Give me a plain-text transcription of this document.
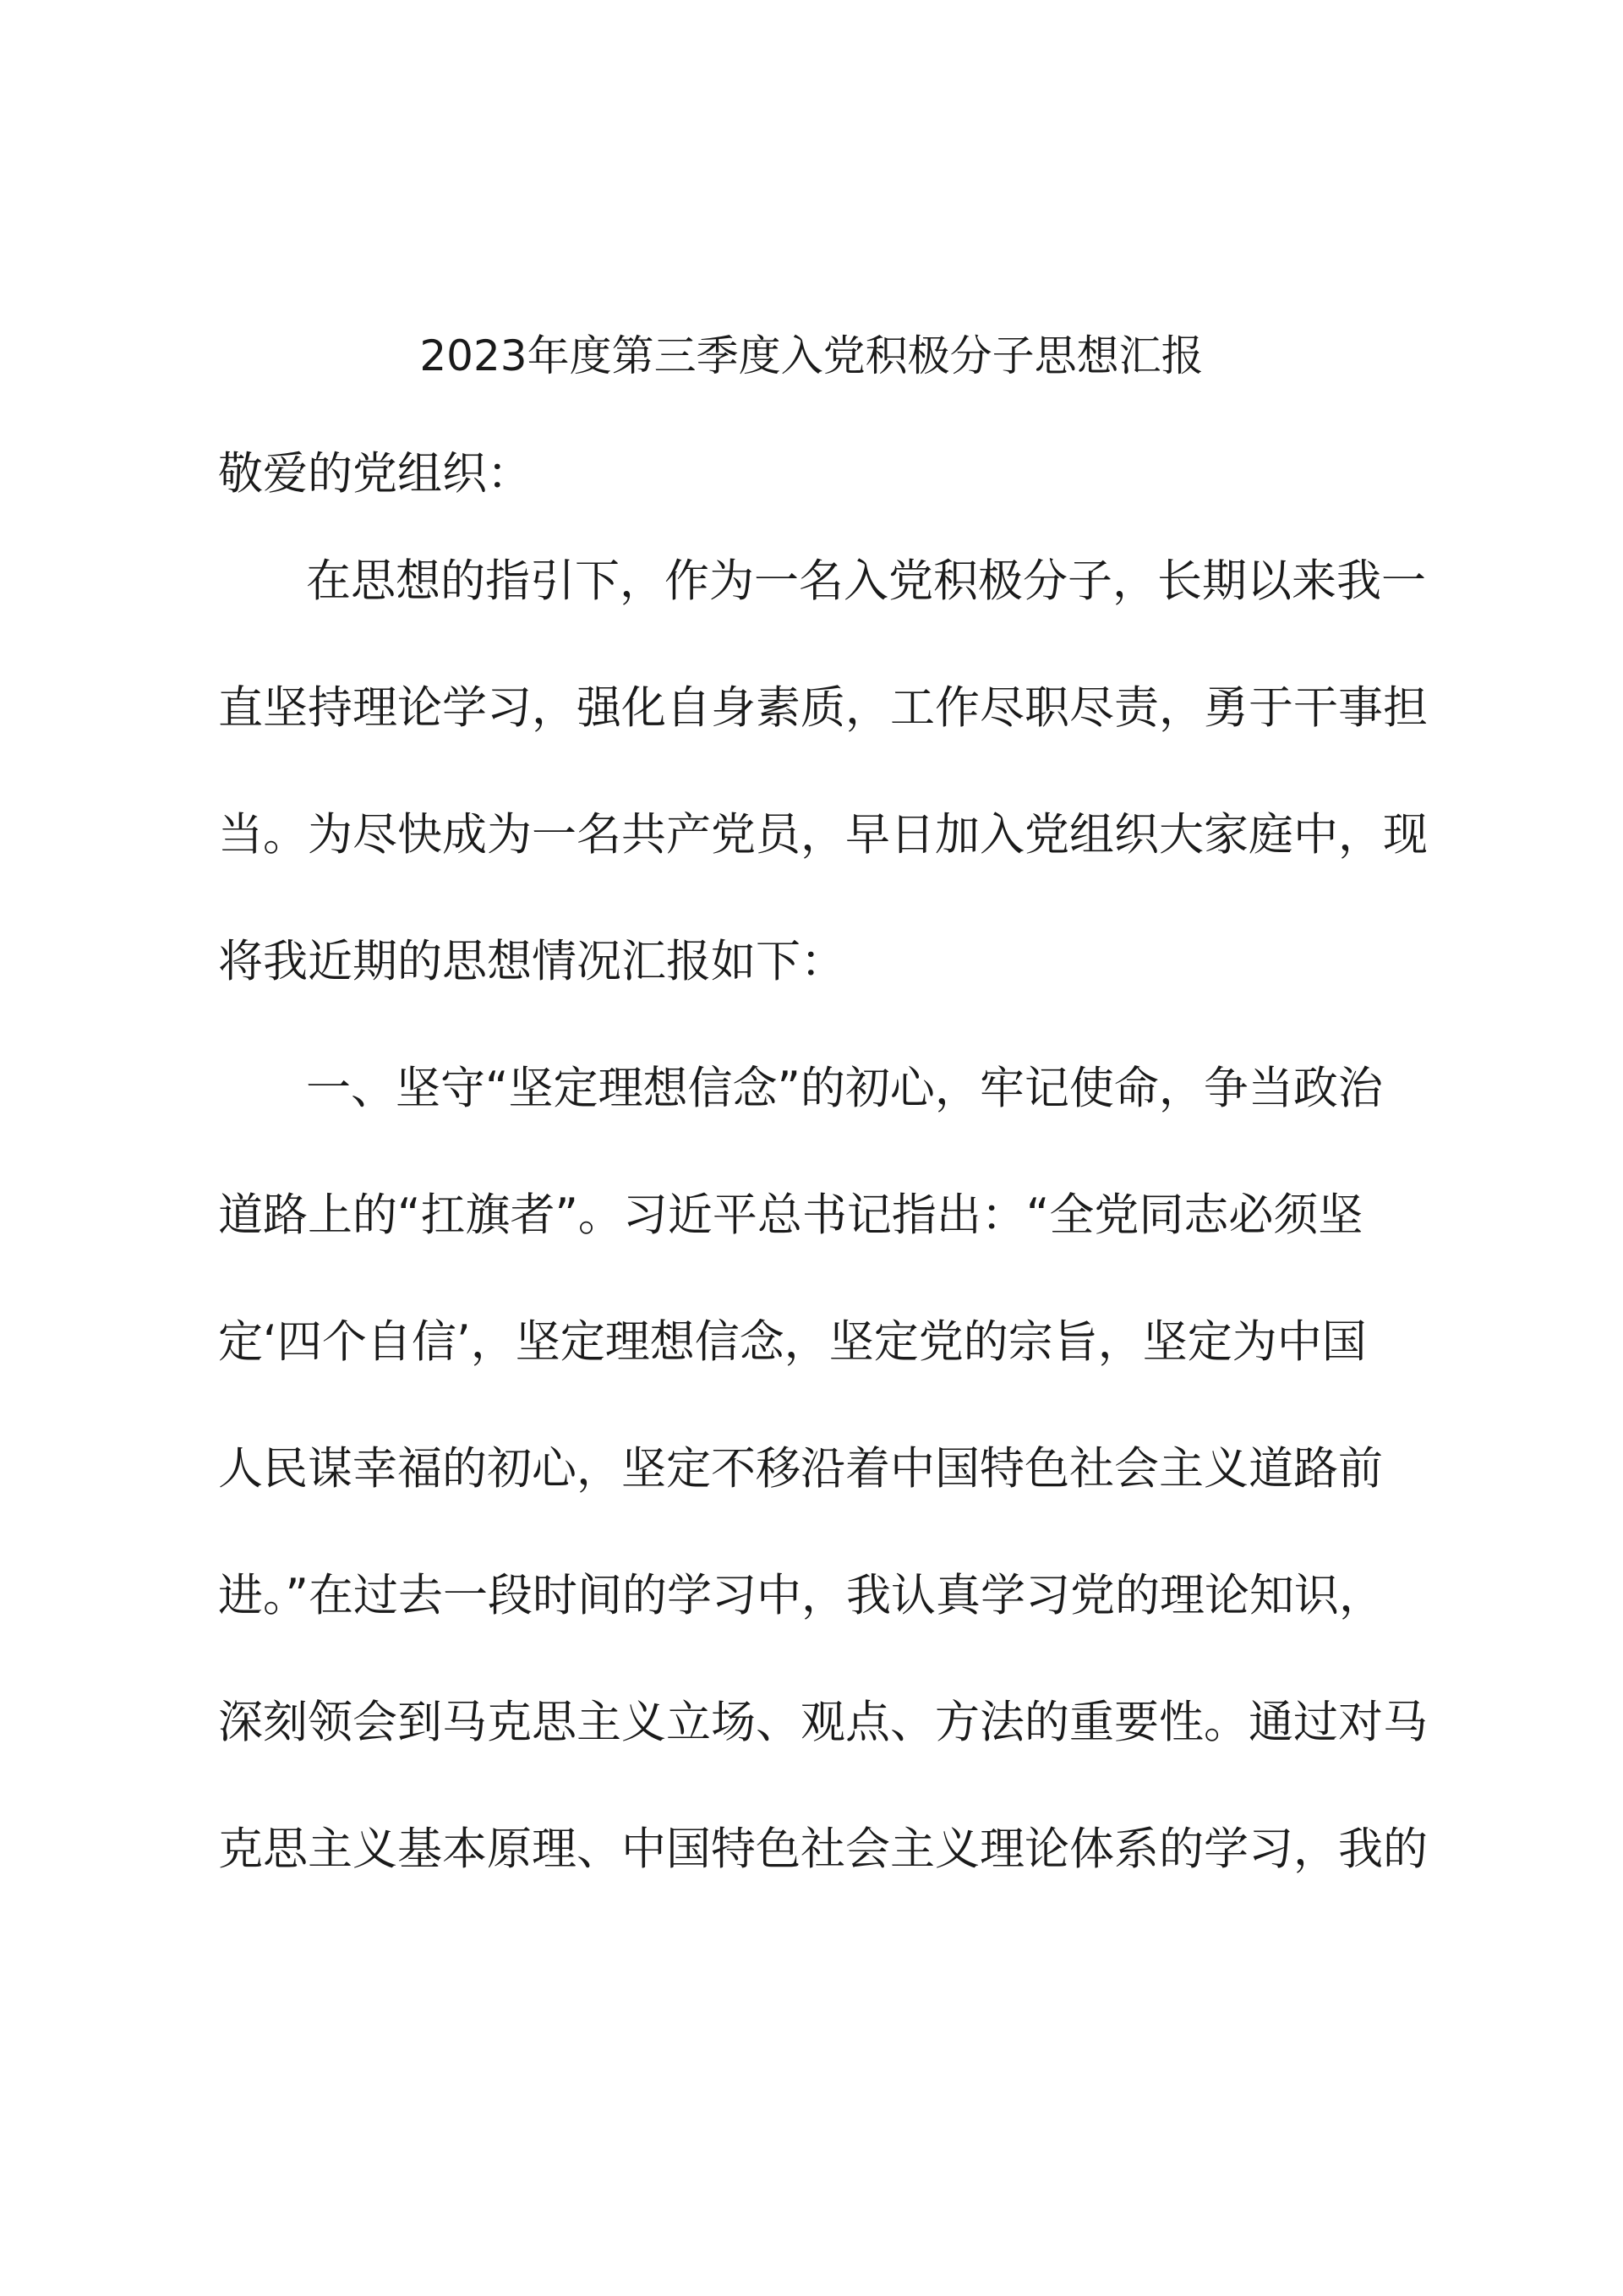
2023年度第三季度入党积极分子思想汇报
敬爱的党组织：
在思想的指引下，作为一名入党积极分子，长期以来我一
直坚持理论学习，强化自身素质，工作尽职尽责，勇于干事担
当。为尽快成为一名共产党员，早日加入党组织大家庭中，现
将我近期的思想情况汇报如下：
一、坚守“坚定理想信念”的初心，牢记使命，争当政治
道路上的“扛旗者”。习近平总书记指出：“全党同志必须坚
定‘四个自信’，坚定理想信念，坚定党的宗旨，坚定为中国
人民谋幸福的初心，坚定不移沿着中国特色社会主义道路前
进。”在过去一段时间的学习中，我认真学习党的理论知识，
深刻领会到马克思主义立场、观点、方法的重要性。通过对马
克思主义基本原理、中国特色社会主义理论体系的学习，我的
